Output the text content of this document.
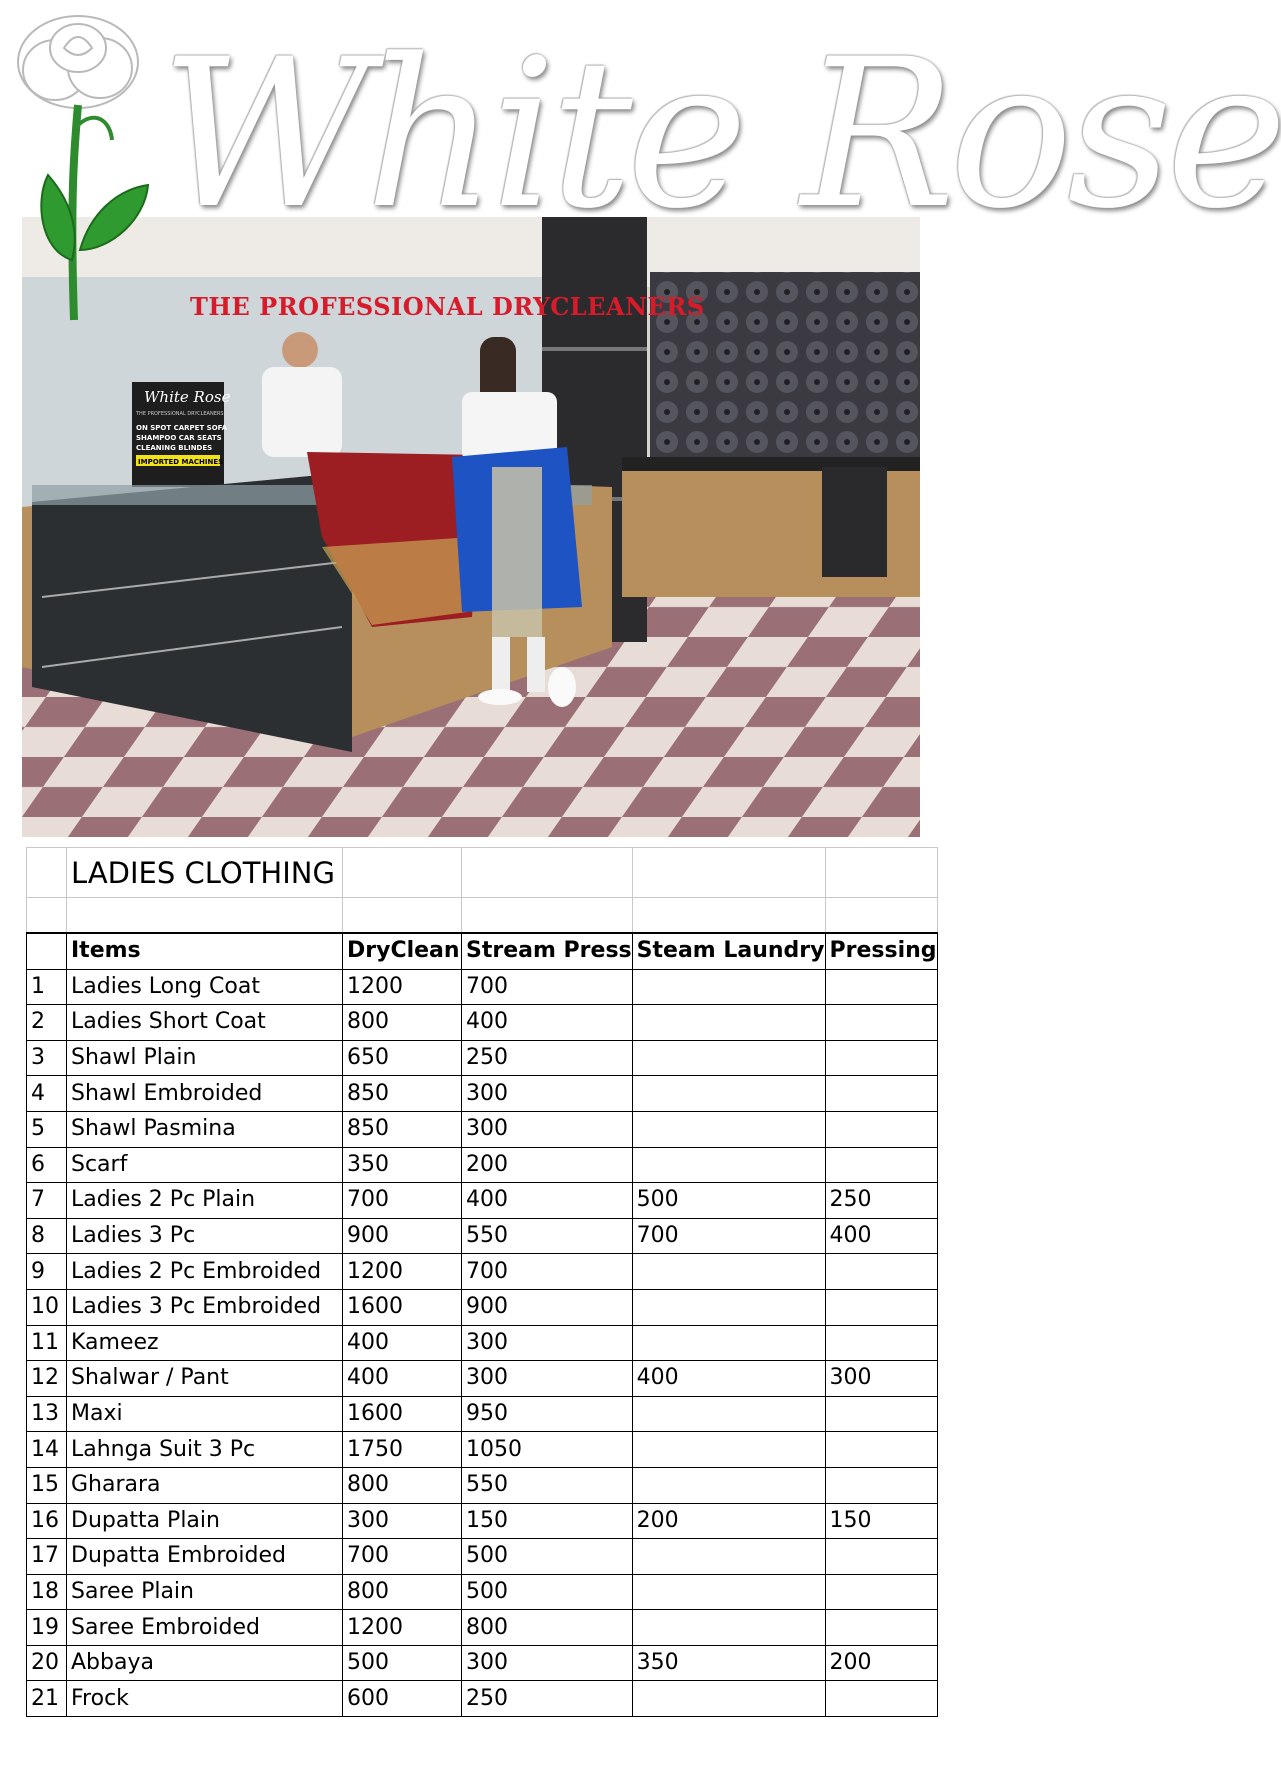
White Rose
THE PROFESSIONAL DRYCLEANERS
ON SPOT CARPET SOFA
SHAMPOO CAR SEATS
CLEANING BLINDES
IMPORTED MACHINES
White Rose
THE PROFESSIONAL DRYCLEANERS
	LADIES CLOTHING				

	Items	DryClean	Stream Press	Steam Laundry	Pressing
1	Ladies Long Coat	1200	700		
2	Ladies Short Coat	800	400		
3	Shawl Plain	650	250		
4	Shawl Embroided	850	300		
5	Shawl Pasmina	850	300		
6	Scarf	350	200		
7	Ladies 2 Pc Plain	700	400	500	250
8	Ladies 3 Pc	900	550	700	400
9	Ladies 2 Pc Embroided	1200	700		
10	Ladies 3 Pc Embroided	1600	900		
11	Kameez	400	300		
12	Shalwar / Pant	400	300	400	300
13	Maxi	1600	950		
14	Lahnga Suit 3 Pc	1750	1050		
15	Gharara	800	550		
16	Dupatta Plain	300	150	200	150
17	Dupatta Embroided	700	500		
18	Saree Plain	800	500		
19	Saree Embroided	1200	800		
20	Abbaya	500	300	350	200
21	Frock	600	250		
